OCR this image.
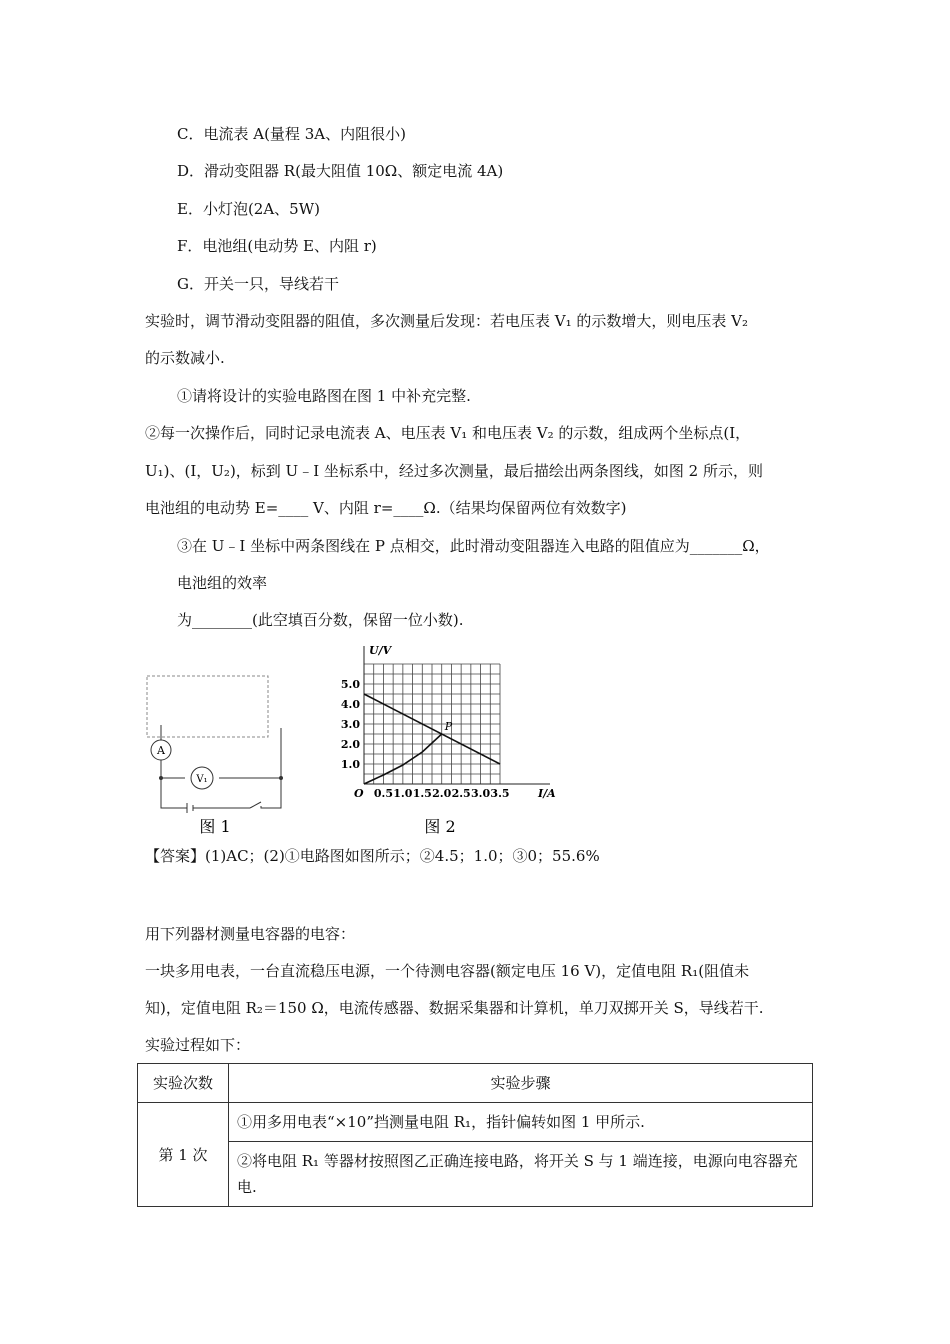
C．电流表 A(量程 3A、内阻很小)
D．滑动变阻器 R(最大阻值 10Ω、额定电流 4A)
E．小灯泡(2A、5W)
F．电池组(电动势 E、内阻 r)
G．开关一只，导线若干
实验时，调节滑动变阻器的阻值，多次测量后发现：若电压表 V₁ 的示数增大，则电压表 V₂
的示数减小.
①请将设计的实验电路图在图 1 中补充完整.
②每一次操作后，同时记录电流表 A、电压表 V₁ 和电压表 V₂ 的示数，组成两个坐标点(I，
U₁)、(I，U₂)，标到 U﹣I 坐标系中，经过多次测量，最后描绘出两条图线，如图 2 所示，则
电池组的电动势 E=____ V、内阻 r=____Ω.（结果均保留两位有效数字)
③在 U﹣I 坐标中两条图线在 P 点相交，此时滑动变阻器连入电路的阻值应为_______Ω，
电池组的效率
为________(此空填百分数，保留一位小数).
A
V₁
图 1
U/V
I/A
O
1.0
2.0
3.0
4.0
5.0
0.5 1.0 1.5 2.0 2.5 3.0 3.5
P
图 2
【答案】(1)AC；(2)①电路图如图所示；②4.5；1.0；③0；55.6%
用下列器材测量电容器的电容：
一块多用电表，一台直流稳压电源，一个待测电容器(额定电压 16 V)，定值电阻 R₁(阻值未
知)，定值电阻 R₂＝150 Ω，电流传感器、数据采集器和计算机，单刀双掷开关 S，导线若干.
实验过程如下：
实验次数	实验步骤
第 1 次	①用多用电表“×10”挡测量电阻 R₁，指针偏转如图 1 甲所示.
	②将电阻 R₁ 等器材按照图乙正确连接电路，将开关 S 与 1 端连接，电源向电容器充电.
